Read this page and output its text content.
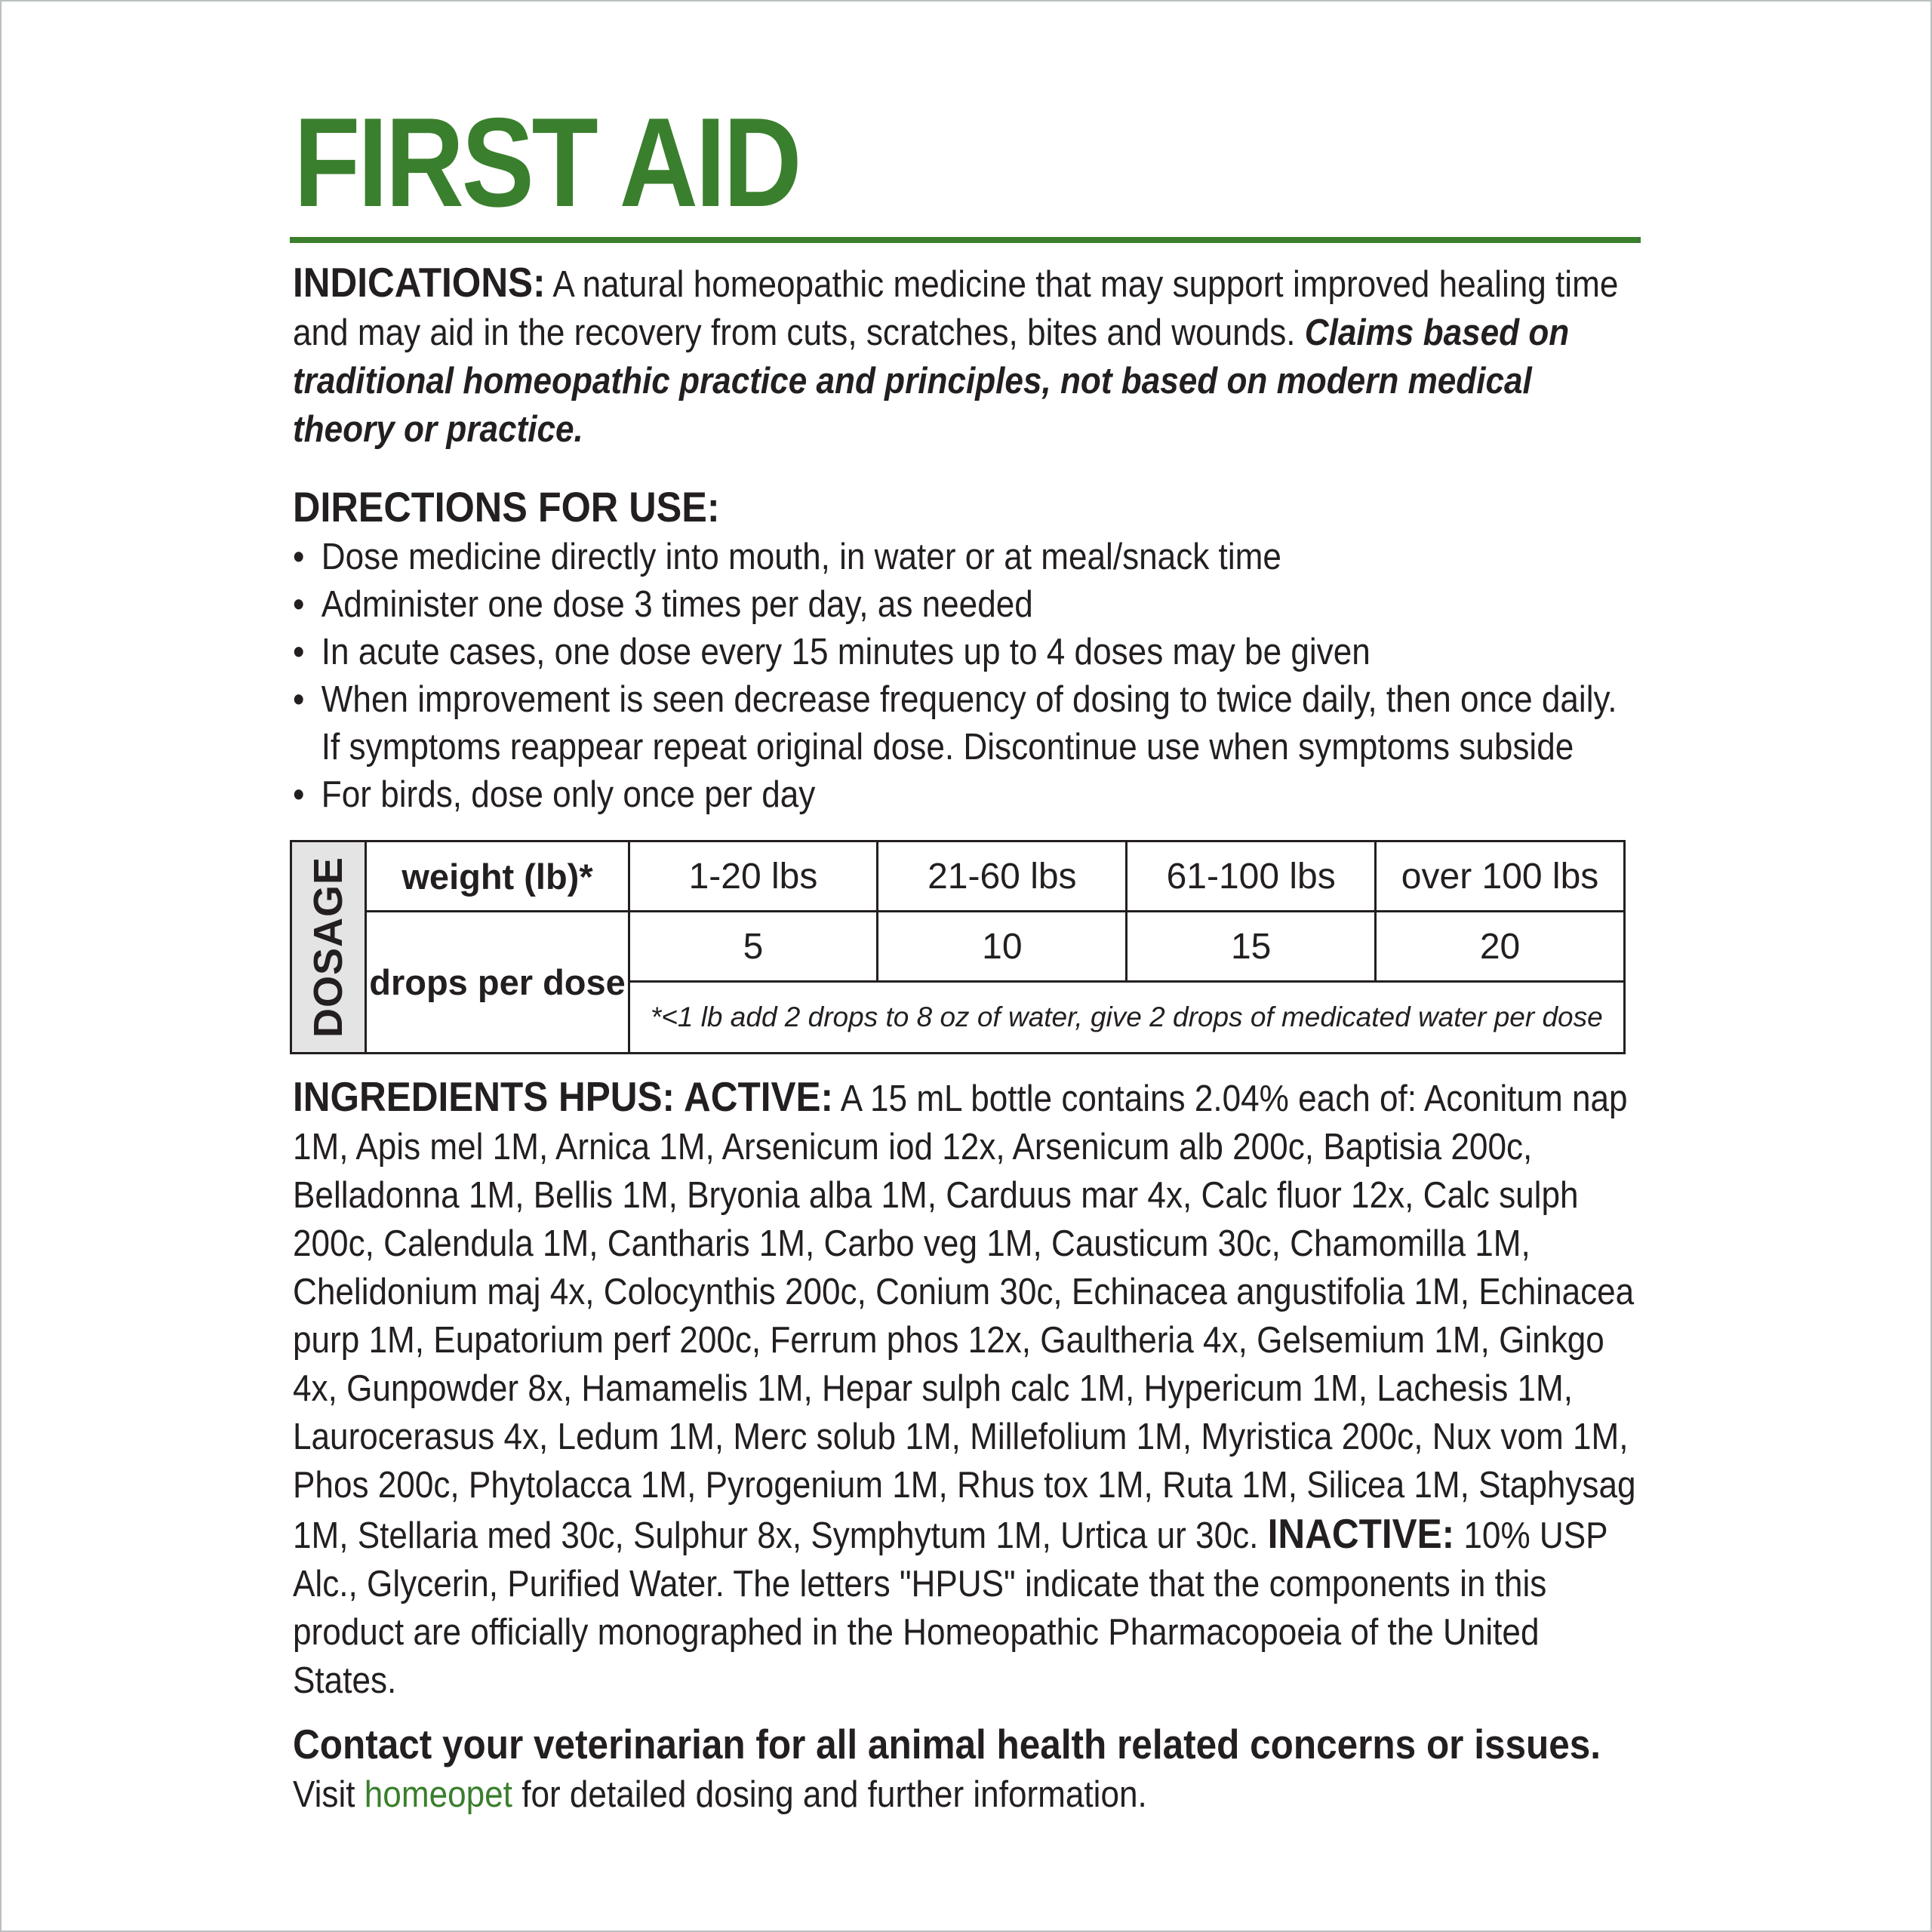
FIRST AID

INDICATIONS: A natural homeopathic medicine that may support improved healing time and may aid in the recovery from cuts, scratches, bites and wounds. Claims based on traditional homeopathic practice and principles, not based on modern medical theory or practice.

DIRECTIONS FOR USE:
• Dose medicine directly into mouth, in water or at meal/snack time
• Administer one dose 3 times per day, as needed
• In acute cases, one dose every 15 minutes up to 4 doses may be given
• When improvement is seen decrease frequency of dosing to twice daily, then once daily. If symptoms reappear repeat original dose. Discontinue use when symptoms subside
• For birds, dose only once per day
DOSAGE	weight (lb)*	1-20 lbs	21-60 lbs	61-100 lbs	over 100 lbs
	drops per dose	5	10	15	20
		*<1 lb add 2 drops to 8 oz of water, give 2 drops of medicated water per dose			

INGREDIENTS HPUS: ACTIVE: A 15 mL bottle contains 2.04% each of: Aconitum nap 1M, Apis mel 1M, Arnica 1M, Arsenicum iod 12x, Arsenicum alb 200c, Baptisia 200c, Belladonna 1M, Bellis 1M, Bryonia alba 1M, Carduus mar 4x, Calc fluor 12x, Calc sulph 200c, Calendula 1M, Cantharis 1M, Carbo veg 1M, Causticum 30c, Chamomilla 1M, Chelidonium maj 4x, Colocynthis 200c, Conium 30c, Echinacea angustifolia 1M, Echinacea purp 1M, Eupatorium perf 200c, Ferrum phos 12x, Gaultheria 4x, Gelsemium 1M, Ginkgo 4x, Gunpowder 8x, Hamamelis 1M, Hepar sulph calc 1M, Hypericum 1M, Lachesis 1M, Laurocerasus 4x, Ledum 1M, Merc solub 1M, Millefolium 1M, Myristica 200c, Nux vom 1M, Phos 200c, Phytolacca 1M, Pyrogenium 1M, Rhus tox 1M, Ruta 1M, Silicea 1M, Staphysag 1M, Stellaria med 30c, Sulphur 8x, Symphytum 1M, Urtica ur 30c. INACTIVE: 10% USP Alc., Glycerin, Purified Water. The letters "HPUS" indicate that the components in this product are officially monographed in the Homeopathic Pharmacopoeia of the United States.

Contact your veterinarian for all animal health related concerns or issues.
Visit homeopet for detailed dosing and further information.
